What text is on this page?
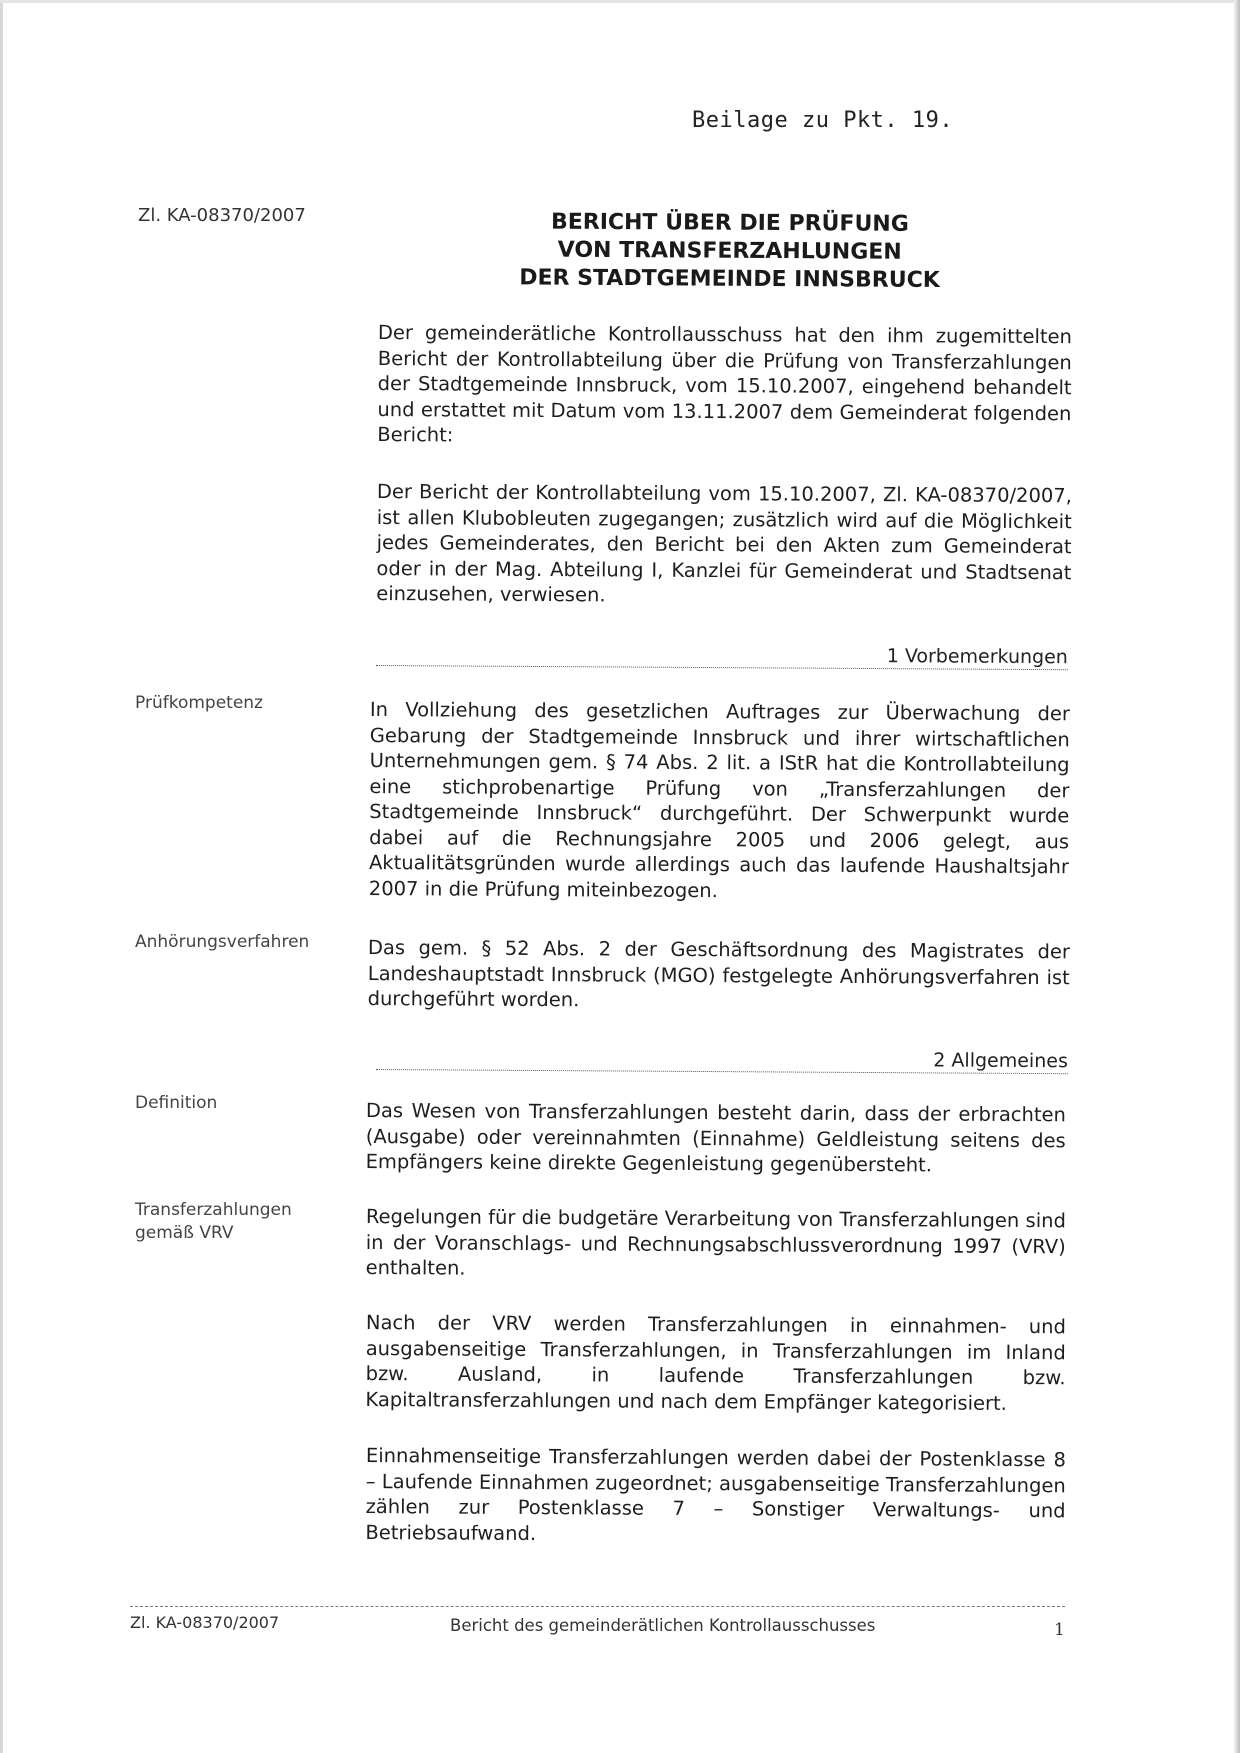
Beilage zu Pkt. 19.
Zl. KA-08370/2007	BERICHT ÜBER DIE PRÜFUNG
VON TRANSFERZAHLUNGEN
DER STADTGEMEINDE INNSBRUCK
Der gemeinderätliche Kontrollausschuss hat den ihm zugemittelten Bericht der Kontrollabteilung über die Prüfung von Transferzahlungen der Stadtgemeinde Innsbruck, vom 15.10.2007, eingehend behandelt und erstattet mit Datum vom 13.11.2007 dem Gemeinderat folgenden Bericht:
Der Bericht der Kontrollabteilung vom 15.10.2007, Zl. KA-08370/2007, ist allen Klubobleuten zugegangen; zusätzlich wird auf die Möglichkeit jedes Gemeinderates, den Bericht bei den Akten zum Gemeinderat oder in der Mag. Abteilung I, Kanzlei für Gemeinderat und Stadtsenat einzusehen, verwiesen.
1 Vorbemerkungen
Prüfkompetenz	In Vollziehung des gesetzlichen Auftrages zur Überwachung der Gebarung der Stadtgemeinde Innsbruck und ihrer wirtschaftlichen Unternehmungen gem. § 74 Abs. 2 lit. a IStR hat die Kontrollabteilung eine stichprobenartige Prüfung von „Transferzahlungen der Stadtgemeinde Innsbruck“ durchgeführt. Der Schwerpunkt wurde dabei auf die Rechnungsjahre 2005 und 2006 gelegt, aus Aktualitätsgründen wurde allerdings auch das laufende Haushaltsjahr 2007 in die Prüfung miteinbezogen.
Anhörungsverfahren	Das gem. § 52 Abs. 2 der Geschäftsordnung des Magistrates der Landeshauptstadt Innsbruck (MGO) festgelegte Anhörungsverfahren ist durchgeführt worden.
2 Allgemeines
Definition	Das Wesen von Transferzahlungen besteht darin, dass der erbrachten (Ausgabe) oder vereinnahmten (Einnahme) Geldleistung seitens des Empfängers keine direkte Gegenleistung gegenübersteht.
Transferzahlungen
gemäß VRV
Regelungen für die budgetäre Verarbeitung von Transferzahlungen sind in der Voranschlags- und Rechnungsabschlussverordnung 1997 (VRV) enthalten.
Nach der VRV werden Transferzahlungen in einnahmen- und ausgabenseitige Transferzahlungen, in Transferzahlungen im Inland bzw. Ausland, in laufende Transferzahlungen bzw. Kapitaltransferzahlungen und nach dem Empfänger kategorisiert.
Einnahmenseitige Transferzahlungen werden dabei der Postenklasse 8 – Laufende Einnahmen zugeordnet; ausgabenseitige Transferzahlungen zählen zur Postenklasse 7 – Sonstiger Verwaltungs- und Betriebsaufwand.
Zl. KA-08370/2007	Bericht des gemeinderätlichen Kontrollausschusses	1
